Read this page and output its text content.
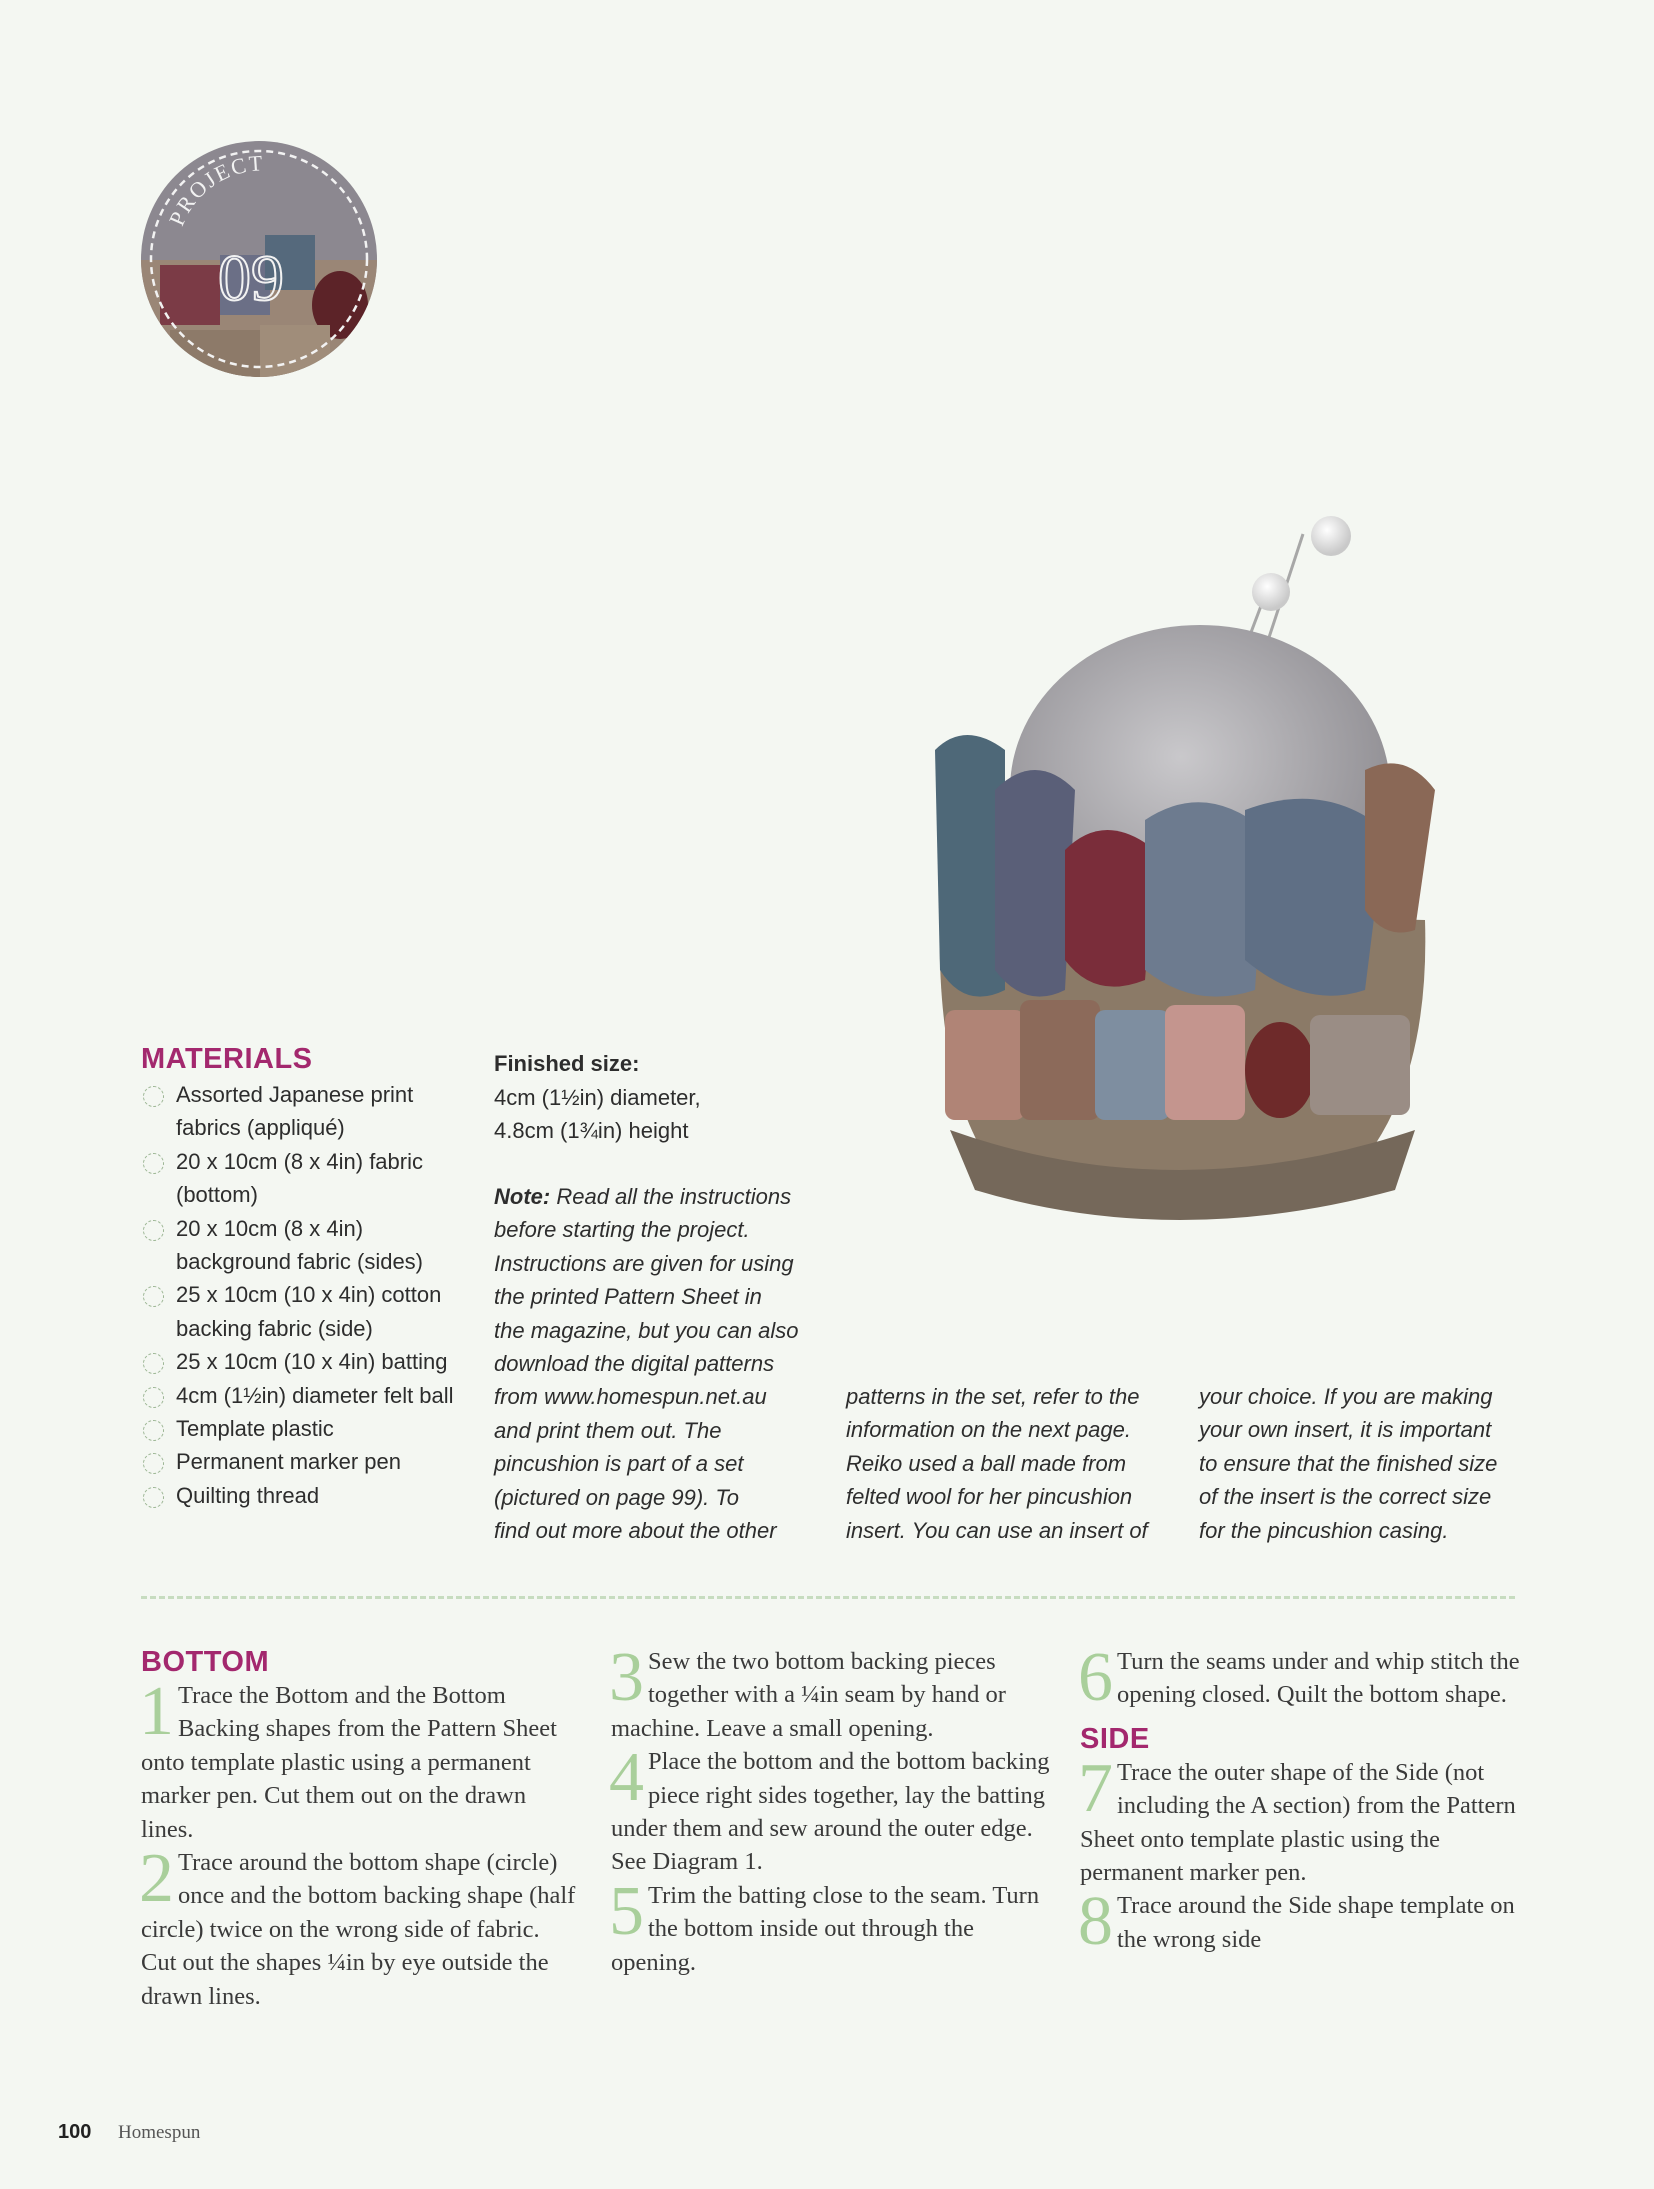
PROJECT
09
MATERIALS
Assorted Japanese print fabrics (appliqué)
20 x 10cm (8 x 4in) fabric (bottom)
20 x 10cm (8 x 4in) background fabric (sides)
25 x 10cm (10 x 4in) cotton backing fabric (side)
25 x 10cm (10 x 4in) batting
4cm (1½in) diameter felt ball
Template plastic
Permanent marker pen
Quilting thread
Finished size:
4cm (1½in) diameter,
4.8cm (1¾in) height
Note: Read all the instructions
before starting the project.
Instructions are given for using
the printed Pattern Sheet in
the magazine, but you can also
download the digital patterns
from www.homespun.net.au
and print them out. The
pincushion is part of a set
(pictured on page 99). To
find out more about the other
patterns in the set, refer to the
information on the next page.
Reiko used a ball made from
felted wool for her pincushion
insert. You can use an insert of
your choice. If you are making
your own insert, it is important
to ensure that the finished size
of the insert is the correct size
for the pincushion casing.
BOTTOM
1 Trace the Bottom and the Bottom Backing shapes from the Pattern Sheet onto template plastic using a permanent marker pen. Cut them out on the drawn lines.
2 Trace around the bottom shape (circle) once and the bottom backing shape (half circle) twice on the wrong side of fabric. Cut out the shapes ¼in by eye outside the drawn lines.
3 Sew the two bottom backing pieces together with a ¼in seam by hand or machine. Leave a small opening.
4 Place the bottom and the bottom backing piece right sides together, lay the batting under them and sew around the outer edge. See Diagram 1.
5 Trim the batting close to the seam. Turn the bottom inside out through the opening.
6 Turn the seams under and whip stitch the opening closed. Quilt the bottom shape.
SIDE
7 Trace the outer shape of the Side (not including the A section) from the Pattern Sheet onto template plastic using the permanent marker pen.
8 Trace around the Side shape template on the wrong side
100 Homespun
